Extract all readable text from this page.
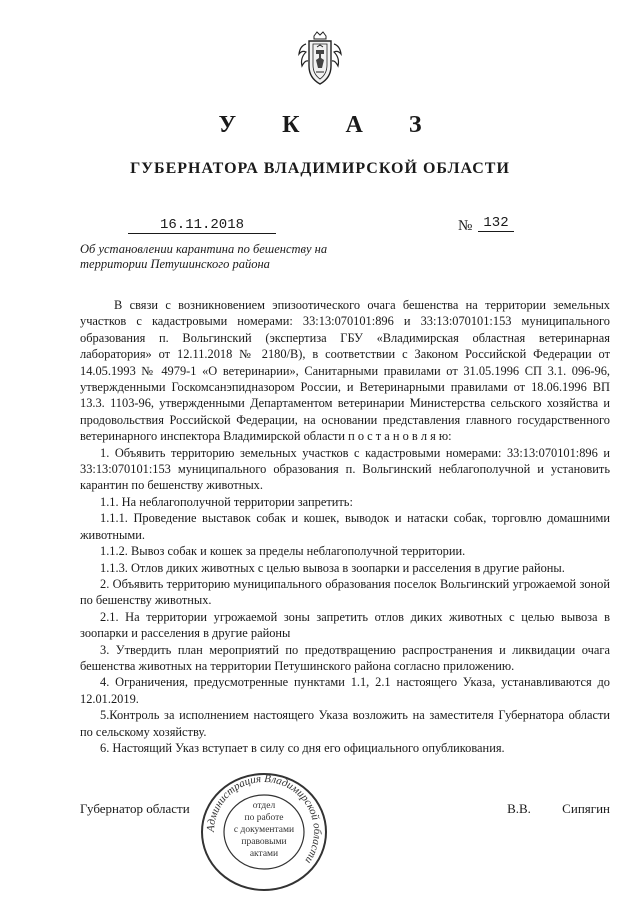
У К А З
ГУБЕРНАТОРА ВЛАДИМИРСКОЙ ОБЛАСТИ
16.11.2018	№ 132
Об установлении карантина по бешенству на территории Петушинского района

В связи с возникновением эпизоотического очага бешенства на территории земельных участков с кадастровыми номерами: 33:13:070101:896 и 33:13:070101:153 муниципального образования п. Вольгинский (экспертиза ГБУ «Владимирская областная ветеринарная лаборатория» от 12.11.2018 № 2180/В), в соответствии с Законом Российской Федерации от 14.05.1993 № 4979-1 «О ветеринарии», Санитарными правилами от 31.05.1996 СП 3.1. 096-96, утвержденными Госкомсанэпидназором России, и Ветеринарными правилами от 18.06.1996 ВП 13.3. 1103-96, утвержденными Департаментом ветеринарии Министерства сельского хозяйства и продовольствия Российской Федерации, на основании представления главного государственного ветеринарного инспектора Владимирской области п о с т а н о в л я ю:

1. Объявить территорию земельных участков с кадастровыми номерами: 33:13:070101:896 и 33:13:070101:153 муниципального образования п. Вольгинский неблагополучной и установить карантин по бешенству животных.

1.1. На неблагополучной территории запретить:

1.1.1. Проведение выставок собак и кошек, выводок и натаски собак, торговлю домашними животными.

1.1.2. Вывоз собак и кошек за пределы неблагополучной территории.

1.1.3. Отлов диких животных с целью вывоза в зоопарки и расселения в другие районы.

2. Объявить территорию муниципального образования поселок Вольгинский угрожаемой зоной по бешенству животных.

2.1. На территории угрожаемой зоны запретить отлов диких животных с целью вывоза в зоопарки и расселения в другие районы

3. Утвердить план мероприятий по предотвращению распространения и ликвидации очага бешенства животных на территории Петушинского района согласно приложению.

4. Ограничения, предусмотренные пунктами 1.1, 2.1 настоящего Указа, устанавливаются до 12.01.2019.

5.Контроль за исполнением настоящего Указа возложить на заместителя Губернатора области по сельскому хозяйству.

6. Настоящий Указ вступает в силу со дня его официального опубликования.

Губернатор области	В.В. Сипягин
Администрация Владимирской области
отдел
по работе
с документами
правовыми
актами
